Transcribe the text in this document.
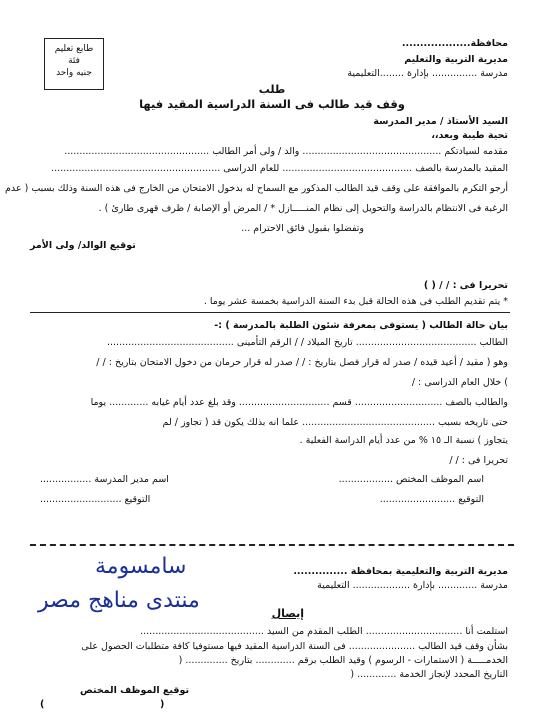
طابع تعليم
فئة
جنيه واحد
محافظة...................
مديرية التربية والتعليم
مدرسة ............... بإدارة ........التعليمية
طلب
وقف قيد طالب فى السنة الدراسية المقيد فيها
السيد الأستاذ / مدير المدرسة
تحية طيبة وبعد،،
مقدمه لسيادتكم .............................................. والد / ولى أمر الطالب ................................................
المقيد بالمدرسة بالصف ........................................... للعام الدراسى ........................................................
أرجو التكرم بالموافقة على وقف قيد الطالب المذكور مع السماح له بدخول الامتحان من الخارج فى هذه السنة وذلك بسبب ( عدم
الرغبة فى الانتظام بالدراسة والتحويل إلى نظام المنـــــازل * / المرض أو الإصابة / ظرف قهرى طارئ ) .
وتفضلوا بقبول فائق الاحترام ...
توقيع الوالد/ ولى الأمر
تحريرا فى : / / ( )
* يتم تقديم الطلب فى هذه الحالة قبل بدء السنة الدراسية بخمسة عشر يوما .
بيان حالة الطالب ( يستوفى بمعرفة شئون الطلبة بالمدرسة ) :-
الطالب ........................................ تاريخ الميلاد / / الرقم التأمينى ..........................................
وهو ( مقيد / أعيد قيده / صدر له قرار فصل بتاريخ : / / صدر له قرار حرمان من دخول الامتحان بتاريخ : / /
) خلال العام الدراسى : /
والطالب بالصف ............................. قسم .............................. وقد بلغ عدد أيام غيابه ............. يوما
حتى تاريخه بسبب ............................................ علما انه بذلك يكون قد ( تجاوز / لم
يتجاوز ) نسبة الـ ١٥ % من عدد أيام الدراسة الفعلية .
تحريرا فى : / /
اسم الموظف المختص ..................
اسم مدير المدرسة .................
التوقيع .........................
التوقيع ...........................
مديرية التربية والتعليمية بمحافظة ...............
مدرسة ............. بإدارة ................... التعليمية
سامسومة
منتدى مناهج مصر
إيصال
استلمت أنا ................................ الطلب المقدم من السيد .........................................
بشأن وقف قيد الطالب ...................... فى السنة الدراسية المقيد فيها مستوفيا كافة متطلبات الحصول على
الخدمـــــة ( الاستمارات - الرسوم ) وقيد الطلب برقم ............. بتاريخ .............. (
التاريخ المحدد لإنجاز الخدمة ............. (
توقيع الموظف المختص
(	)
